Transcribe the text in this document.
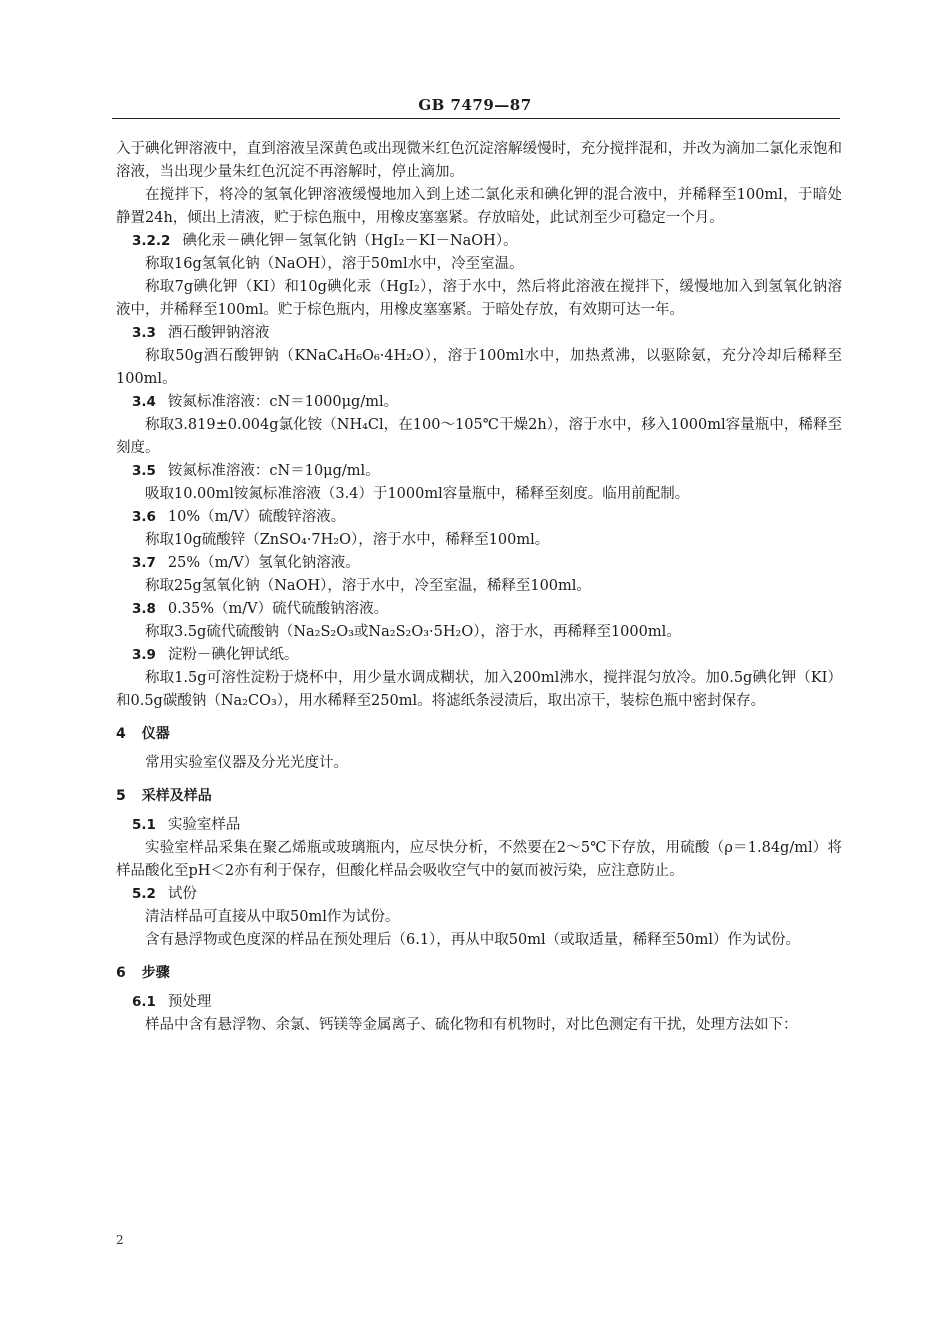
GB 7479—87

入于碘化钾溶液中，直到溶液呈深黄色或出现微米红色沉淀溶解缓慢时，充分搅拌混和，并改为滴加二氯化汞饱和溶液，当出现少量朱红色沉淀不再溶解时，停止滴加。

在搅拌下，将冷的氢氧化钾溶液缓慢地加入到上述二氯化汞和碘化钾的混合液中，并稀释至100ml，于暗处静置24h，倾出上清液，贮于棕色瓶中，用橡皮塞塞紧。存放暗处，此试剂至少可稳定一个月。

3.2.2 碘化汞－碘化钾－氢氧化钠（HgI₂－KI－NaOH）。

称取16g氢氧化钠（NaOH），溶于50ml水中，冷至室温。

称取7g碘化钾（KI）和10g碘化汞（HgI₂），溶于水中，然后将此溶液在搅拌下，缓慢地加入到氢氧化钠溶液中，并稀释至100ml。贮于棕色瓶内，用橡皮塞塞紧。于暗处存放，有效期可达一年。

3.3 酒石酸钾钠溶液

称取50g酒石酸钾钠（KNaC₄H₆O₆·4H₂O），溶于100ml水中，加热煮沸，以驱除氨，充分冷却后稀释至100ml。

3.4 铵氮标准溶液：cN＝1000μg/ml。

称取3.819±0.004g氯化铵（NH₄Cl，在100～105℃干燥2h），溶于水中，移入1000ml容量瓶中，稀释至刻度。

3.5 铵氮标准溶液：cN＝10μg/ml。

吸取10.00ml铵氮标准溶液（3.4）于1000ml容量瓶中，稀释至刻度。临用前配制。

3.6 10%（m/V）硫酸锌溶液。

称取10g硫酸锌（ZnSO₄·7H₂O），溶于水中，稀释至100ml。

3.7 25%（m/V）氢氧化钠溶液。

称取25g氢氧化钠（NaOH），溶于水中，冷至室温，稀释至100ml。

3.8 0.35%（m/V）硫代硫酸钠溶液。

称取3.5g硫代硫酸钠（Na₂S₂O₃或Na₂S₂O₃·5H₂O），溶于水，再稀释至1000ml。

3.9 淀粉－碘化钾试纸。

称取1.5g可溶性淀粉于烧杯中，用少量水调成糊状，加入200ml沸水，搅拌混匀放冷。加0.5g碘化钾（KI）和0.5g碳酸钠（Na₂CO₃），用水稀释至250ml。将滤纸条浸渍后，取出凉干，装棕色瓶中密封保存。

4 仪器

常用实验室仪器及分光光度计。

5 采样及样品
5.1 实验室样品

实验室样品采集在聚乙烯瓶或玻璃瓶内，应尽快分析，不然要在2～5℃下存放，用硫酸（ρ＝1.84g/ml）将样品酸化至pH＜2亦有利于保存，但酸化样品会吸收空气中的氨而被污染，应注意防止。

5.2 试份

清洁样品可直接从中取50ml作为试份。

含有悬浮物或色度深的样品在预处理后（6.1），再从中取50ml（或取适量，稀释至50ml）作为试份。

6 步骤
6.1 预处理

样品中含有悬浮物、余氯、钙镁等金属离子、硫化物和有机物时，对比色测定有干扰，处理方法如下：

2
